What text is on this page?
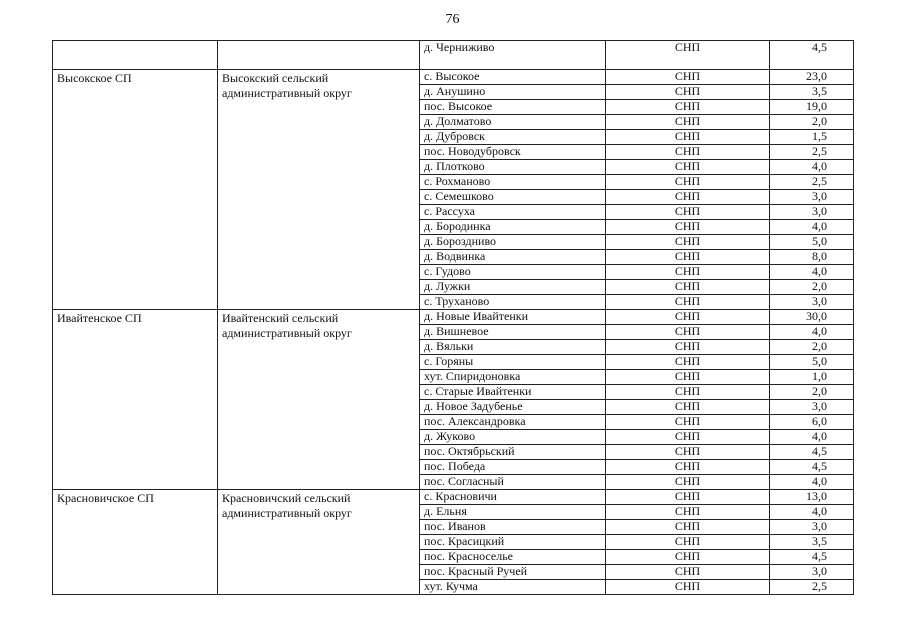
76
		д. Черниживо	СНП	4,5
Высокское СП	Высокский сельский административный округ	с. Высокое	СНП	23,0
		д. Анушино	СНП	3,5
		пос. Высокое	СНП	19,0
		д. Долматово	СНП	2,0
		д. Дубровск	СНП	1,5
		пос. Новодубровск	СНП	2,5
		д. Плотково	СНП	4,0
		с. Рохманово	СНП	2,5
		с. Семешково	СНП	3,0
		с. Рассуха	СНП	3,0
		д. Бородинка	СНП	4,0
		д. Бороздниво	СНП	5,0
		д. Водвинка	СНП	8,0
		с. Гудово	СНП	4,0
		д. Лужки	СНП	2,0
		с. Труханово	СНП	3,0
Ивайтенское СП	Ивайтенский сельский административный округ	д. Новые Ивайтенки	СНП	30,0
		д. Вишневое	СНП	4,0
		д. Вяльки	СНП	2,0
		с. Горяны	СНП	5,0
		хут. Спиридоновка	СНП	1,0
		с. Старые Ивайтенки	СНП	2,0
		д. Новое Задубенье	СНП	3,0
		пос. Александровка	СНП	6,0
		д. Жуково	СНП	4,0
		пос. Октябрьский	СНП	4,5
		пос. Победа	СНП	4,5
		пос. Согласный	СНП	4,0
Красновичское СП	Красновичский сельский административный округ	с. Красновичи	СНП	13,0
		д. Ельня	СНП	4,0
		пос. Иванов	СНП	3,0
		пос. Красицкий	СНП	3,5
		пос. Красноселье	СНП	4,5
		пос. Красный Ручей	СНП	3,0
		хут. Кучма	СНП	2,5
